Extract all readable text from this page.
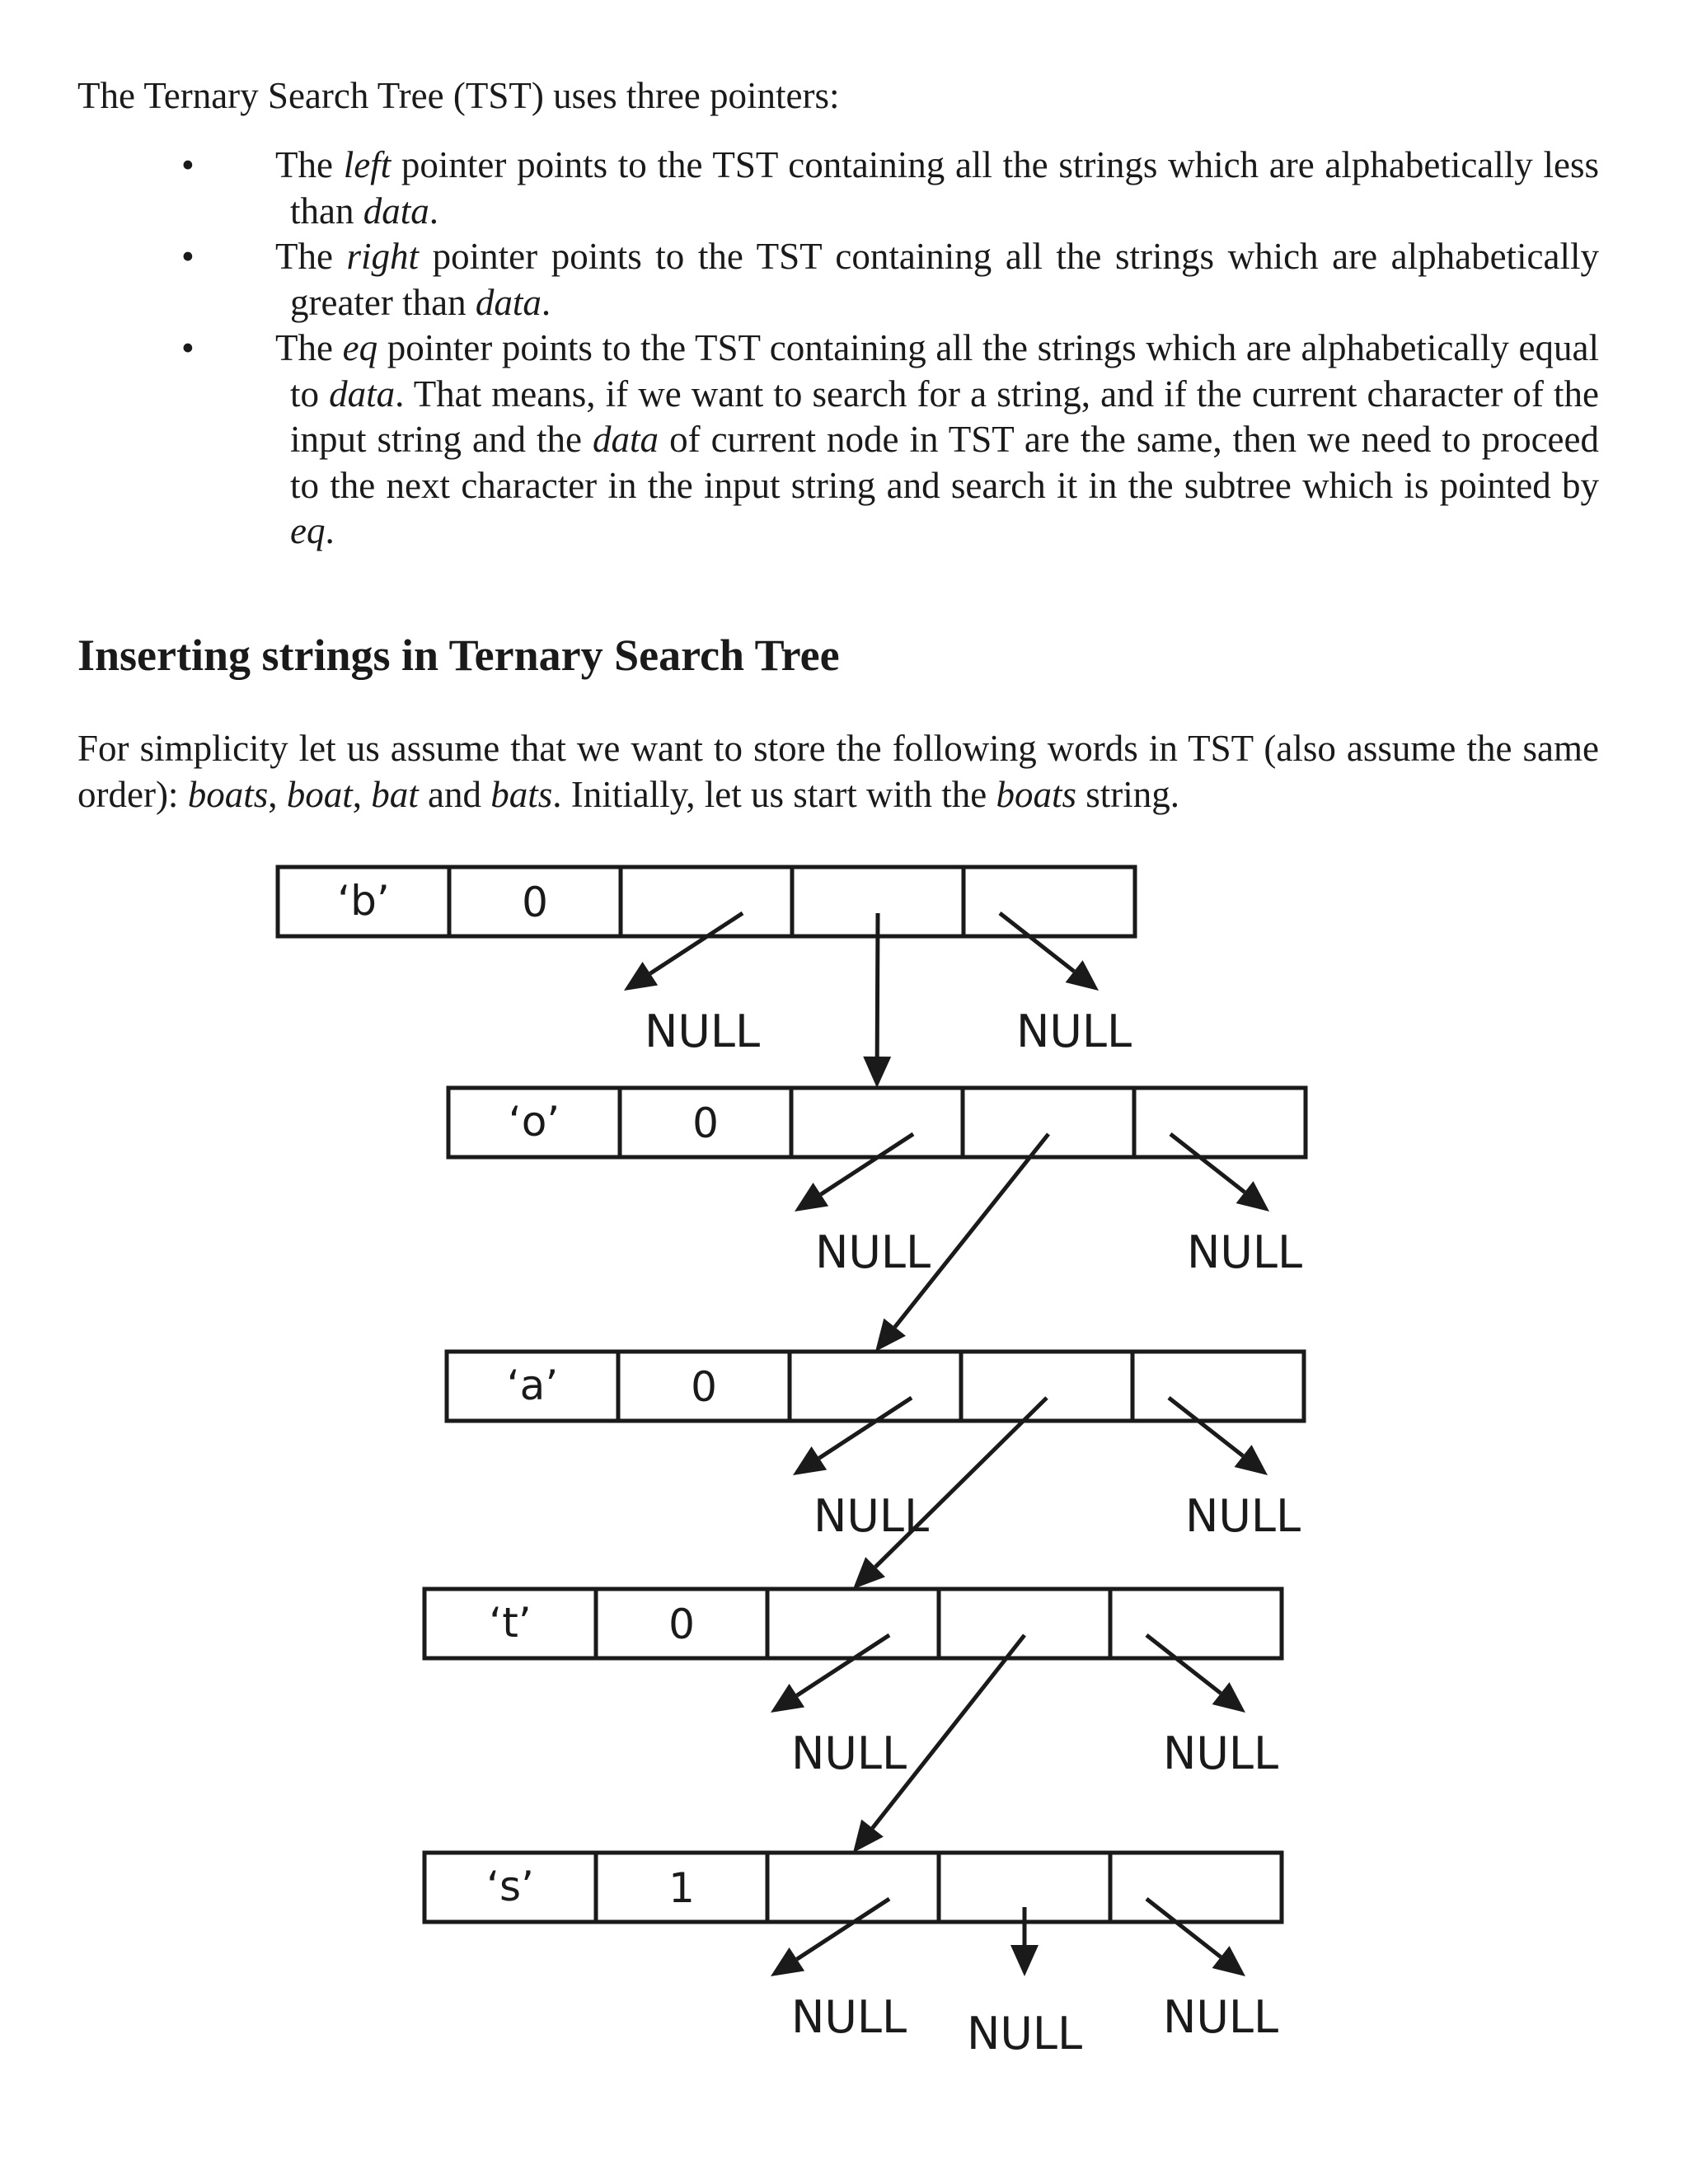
The Ternary Search Tree (TST) uses three pointers:

• The left pointer points to the TST containing all the strings which are alphabetically less than data.
• The right pointer points to the TST containing all the strings which are alphabetically greater than data.
• The eq pointer points to the TST containing all the strings which are alphabetically equal to data. That means, if we want to search for a string, and if the current character of the input string and the data of current node in TST are the same, then we need to proceed to the next character in the input string and search it in the subtree which is pointed by eq.
Inserting strings in Ternary Search Tree

For simplicity let us assume that we want to store the following words in TST (also assume the same order): boats, boat, bat and bats. Initially, let us start with the boats string.

‘b’	0
NULL	NULL
‘o’	0
NULL	NULL
‘a’	0
NULL	NULL
‘t’	0
NULL	NULL
‘s’	1
NULL	NULL
NULL
